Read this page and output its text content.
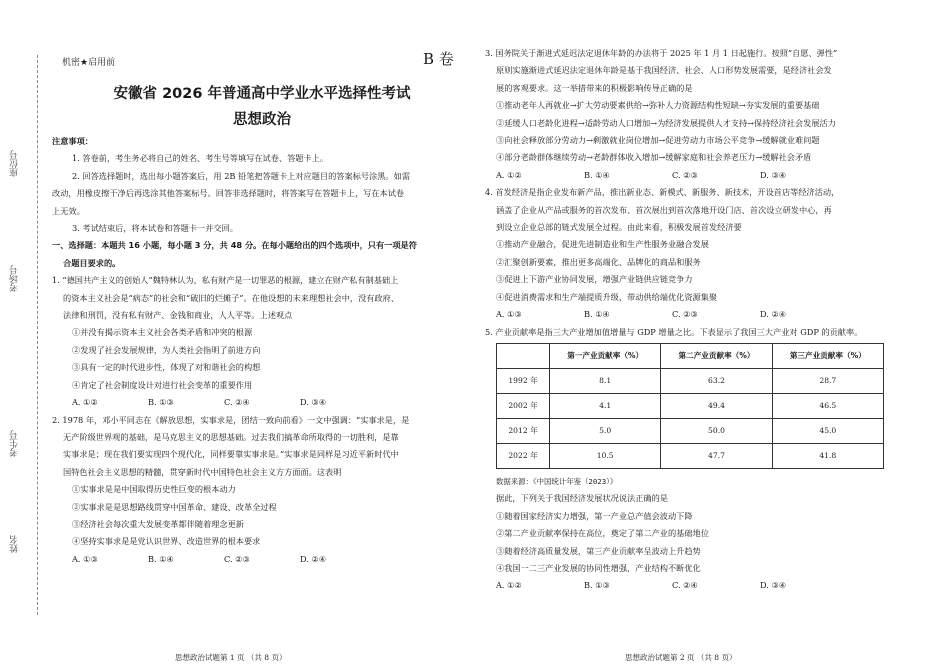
座位号
考场号
考生号
姓名
机密★启用前	B 卷
安徽省 2026 年普通高中学业水平选择性考试
思想政治
注意事项：
1. 答卷前，考生务必将自己的姓名、考生号等填写在试卷、答题卡上。
2. 回答选择题时，选出每小题答案后，用 2B 铅笔把答题卡上对应题目的答案标号涂黑。如需
改动，用橡皮擦干净后再选涂其他答案标号。回答非选择题时，将答案写在答题卡上，写在本试卷
上无效。
3. 考试结束后，将本试卷和答题卡一并交回。
一、选择题：本题共 16 小题，每小题 3 分，共 48 分。在每小题给出的四个选项中，只有一项是符
合题目要求的。
1. “德国共产主义的创始人”魏特林认为，私有财产是一切罪恶的根源，建立在财产私有制基础上
的资本主义社会是“病态”的社会和“破旧的烂摊子”。在他设想的未来理想社会中，没有政府、
法律和刑罚，没有私有财产、金钱和商业，人人平等。上述观点
①并没有揭示资本主义社会各类矛盾和冲突的根源
②发现了社会发展规律，为人类社会指明了前进方向
③具有一定的时代进步性，体现了对和谐社会的构想
④肯定了社会制度设计对进行社会变革的重要作用
A. ①②	B. ①③	C. ②④	D. ③④
2. 1978 年，邓小平同志在《解放思想，实事求是，团结一致向前看》一文中强调：“实事求是，是
无产阶级世界观的基础，是马克思主义的思想基础。过去我们搞革命所取得的一切胜利，是靠
实事求是；现在我们要实现四个现代化，同样要靠实事求是。”实事求是同样是习近平新时代中
国特色社会主义思想的精髓，贯穿新时代中国特色社会主义方方面面。这表明
①实事求是是中国取得历史性巨变的根本动力
②实事求是是思想路线贯穿中国革命、建设、改革全过程
③经济社会每次重大发展变革都伴随着理念更新
④坚持实事求是是党认识世界、改造世界的根本要求
A. ①③	B. ①④	C. ②③	D. ②④
思想政治试题第 1 页 （共 8 页）
3. 国务院关于渐进式延迟法定退休年龄的办法将于 2025 年 1 月 1 日起施行。按照“自愿、弹性”
原则实施渐进式延迟法定退休年龄是基于我国经济、社会、人口形势发展需要，是经济社会发
展的客观要求。这一举措带来的积极影响传导正确的是
①推动老年人再就业→扩大劳动要素供给→弥补人力资源结构性短缺→夯实发展的重要基础
②延缓人口老龄化进程→适龄劳动人口增加→为经济发展提供人才支持→保持经济社会发展活力
③向社会释放部分劳动力→剩激就业岗位增加→促进劳动力市场公平竞争→缓解就业难问题
④部分老龄群体继续劳动→老龄群体收入增加→缓解家庭和社会养老压力→缓解社会矛盾
A. ①②	B. ①④	C. ②③	D. ③④
4. 首发经济是指企业发布新产品，推出新业态、新模式、新服务、新技术，开设首店等经济活动，
涵盖了企业从产品或服务的首次发布、首次展出到首次落地开设门店、首次设立研发中心，再
到设立企业总部的链式发展全过程。由此来看，积极发展首发经济要
①推动产业融合，促进先进制造业和生产性服务业融合发展
②汇聚创新要素，推出更多高端化、品牌化的商品和服务
③促进上下游产业协同发展，增强产业链供应链竞争力
④促进消费需求和生产端提质升级，带动供给端优化资源集聚
A. ①③	B. ①④	C. ②③	D. ②④
5. 产业贡献率是指三大产业增加值增量与 GDP 增量之比。下表显示了我国三大产业对 GDP 的贡献率。
	第一产业贡献率（%）	第二产业贡献率（%）	第三产业贡献率（%）
1992 年	8.1	63.2	28.7
2002 年	4.1	49.4	46.5
2012 年	5.0	50.0	45.0
2022 年	10.5	47.7	41.8
数据来源：《中国统计年鉴（2023）》
据此，下列关于我国经济发展状况说法正确的是
①随着国家经济实力增强，第一产业总产值会波动下降
②第二产业贡献率保持在高位，奠定了第二产业的基础地位
③随着经济高质量发展，第三产业贡献率呈波动上升趋势
④我国一二三产业发展的协同性增强，产业结构不断优化
A. ①②	B. ①③	C. ②④	D. ③④
思想政治试题第 2 页 （共 8 页）
